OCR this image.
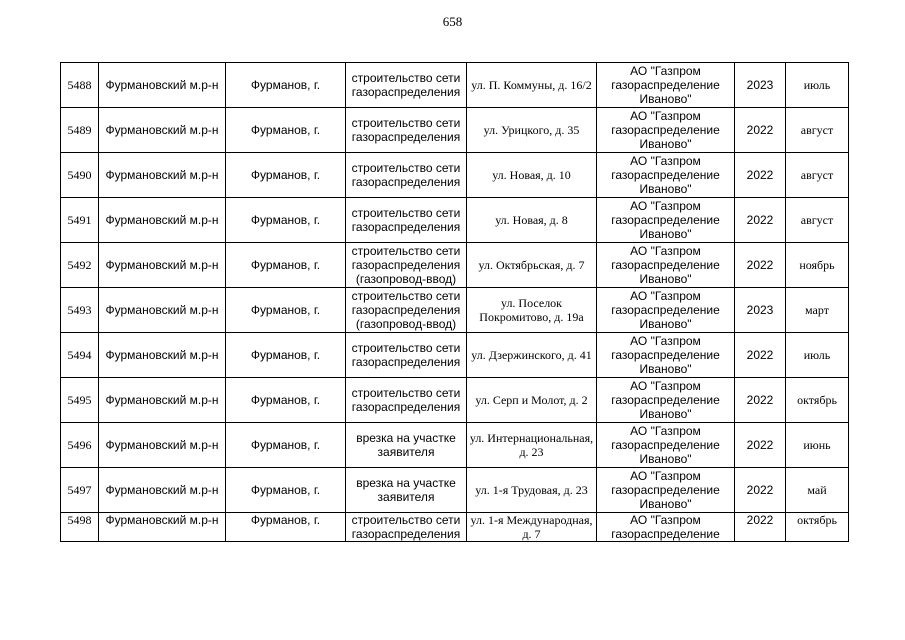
658
5488	Фурмановский м.р-н	Фурманов, г.	строительство сети газораспределения	ул. П. Коммуны, д. 16/2	АО "Газпром газораспределение Иваново"	2023	июль
5489	Фурмановский м.р-н	Фурманов, г.	строительство сети газораспределения	ул. Урицкого, д. 35	АО "Газпром газораспределение Иваново"	2022	август
5490	Фурмановский м.р-н	Фурманов, г.	строительство сети газораспределения	ул. Новая, д. 10	АО "Газпром газораспределение Иваново"	2022	август
5491	Фурмановский м.р-н	Фурманов, г.	строительство сети газораспределения	ул. Новая, д. 8	АО "Газпром газораспределение Иваново"	2022	август
5492	Фурмановский м.р-н	Фурманов, г.	строительство сети газораспределения (газопровод-ввод)	ул. Октябрьская, д. 7	АО "Газпром газораспределение Иваново"	2022	ноябрь
5493	Фурмановский м.р-н	Фурманов, г.	строительство сети газораспределения (газопровод-ввод)	ул. Поселок Покромитово, д. 19а	АО "Газпром газораспределение Иваново"	2023	март
5494	Фурмановский м.р-н	Фурманов, г.	строительство сети газораспределения	ул. Дзержинского, д. 41	АО "Газпром газораспределение Иваново"	2022	июль
5495	Фурмановский м.р-н	Фурманов, г.	строительство сети газораспределения	ул. Серп и Молот, д. 2	АО "Газпром газораспределение Иваново"	2022	октябрь
5496	Фурмановский м.р-н	Фурманов, г.	врезка на участке заявителя	ул. Интернациональная, д. 23	АО "Газпром газораспределение Иваново"	2022	июнь
5497	Фурмановский м.р-н	Фурманов, г.	врезка на участке заявителя	ул. 1-я Трудовая, д. 23	АО "Газпром газораспределение Иваново"	2022	май
5498	Фурмановский м.р-н	Фурманов, г.	строительство сети газораспределения	ул. 1-я Международная, д. 7	АО "Газпром газораспределение	2022	октябрь
